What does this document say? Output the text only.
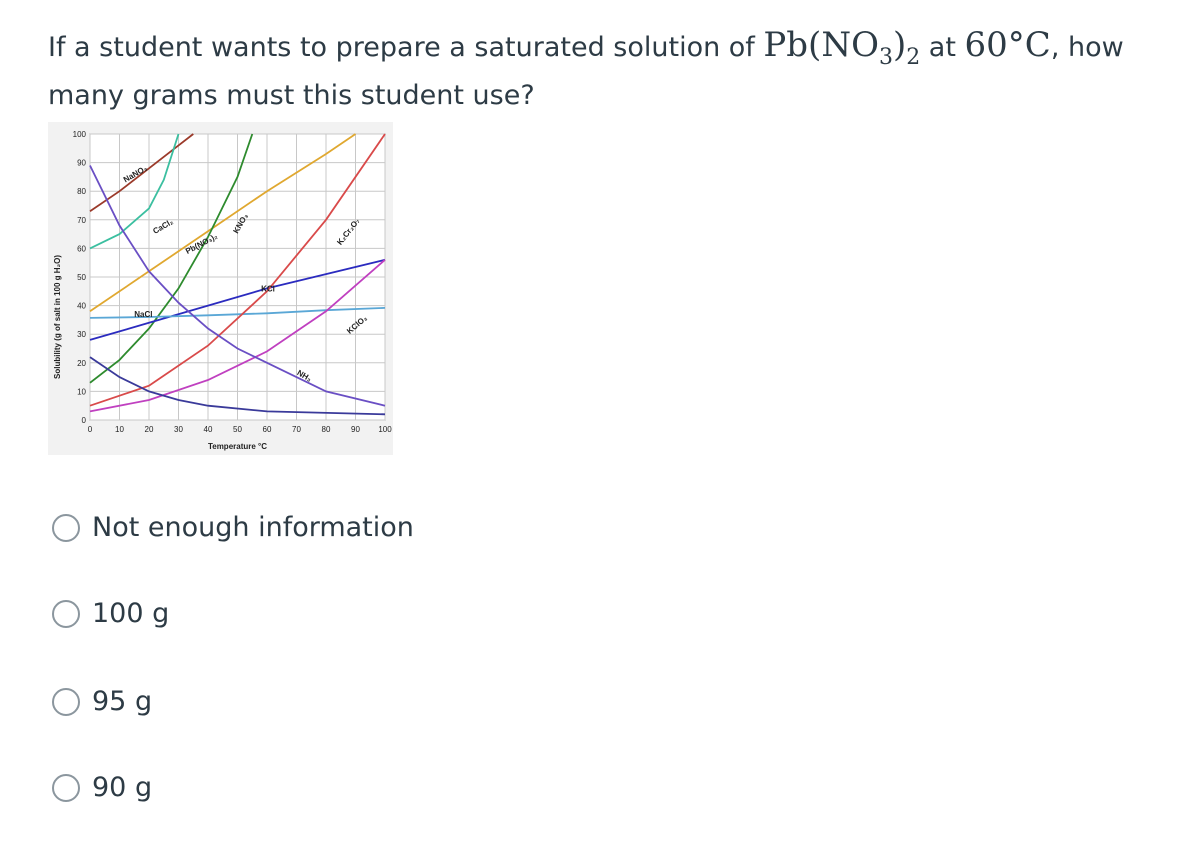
If a student wants to prepare a saturated solution of $Pb(NO_3)_2$ at 60°C, how many grams must this student use?
NaNO₃
CaCl₂
Pb(NO₃)₂
KNO₃
KCl
NaCl
K₂Cr₂O₇
KClO₃
NH₃
0	10	20	30	40	50	60	70	80	90 100
0
10
20
30
40
50
60
70
80
90
100
Temperature °C
Solubility (g of salt in 100 g H₂O)
Not enough information
100 g
95 g
90 g
